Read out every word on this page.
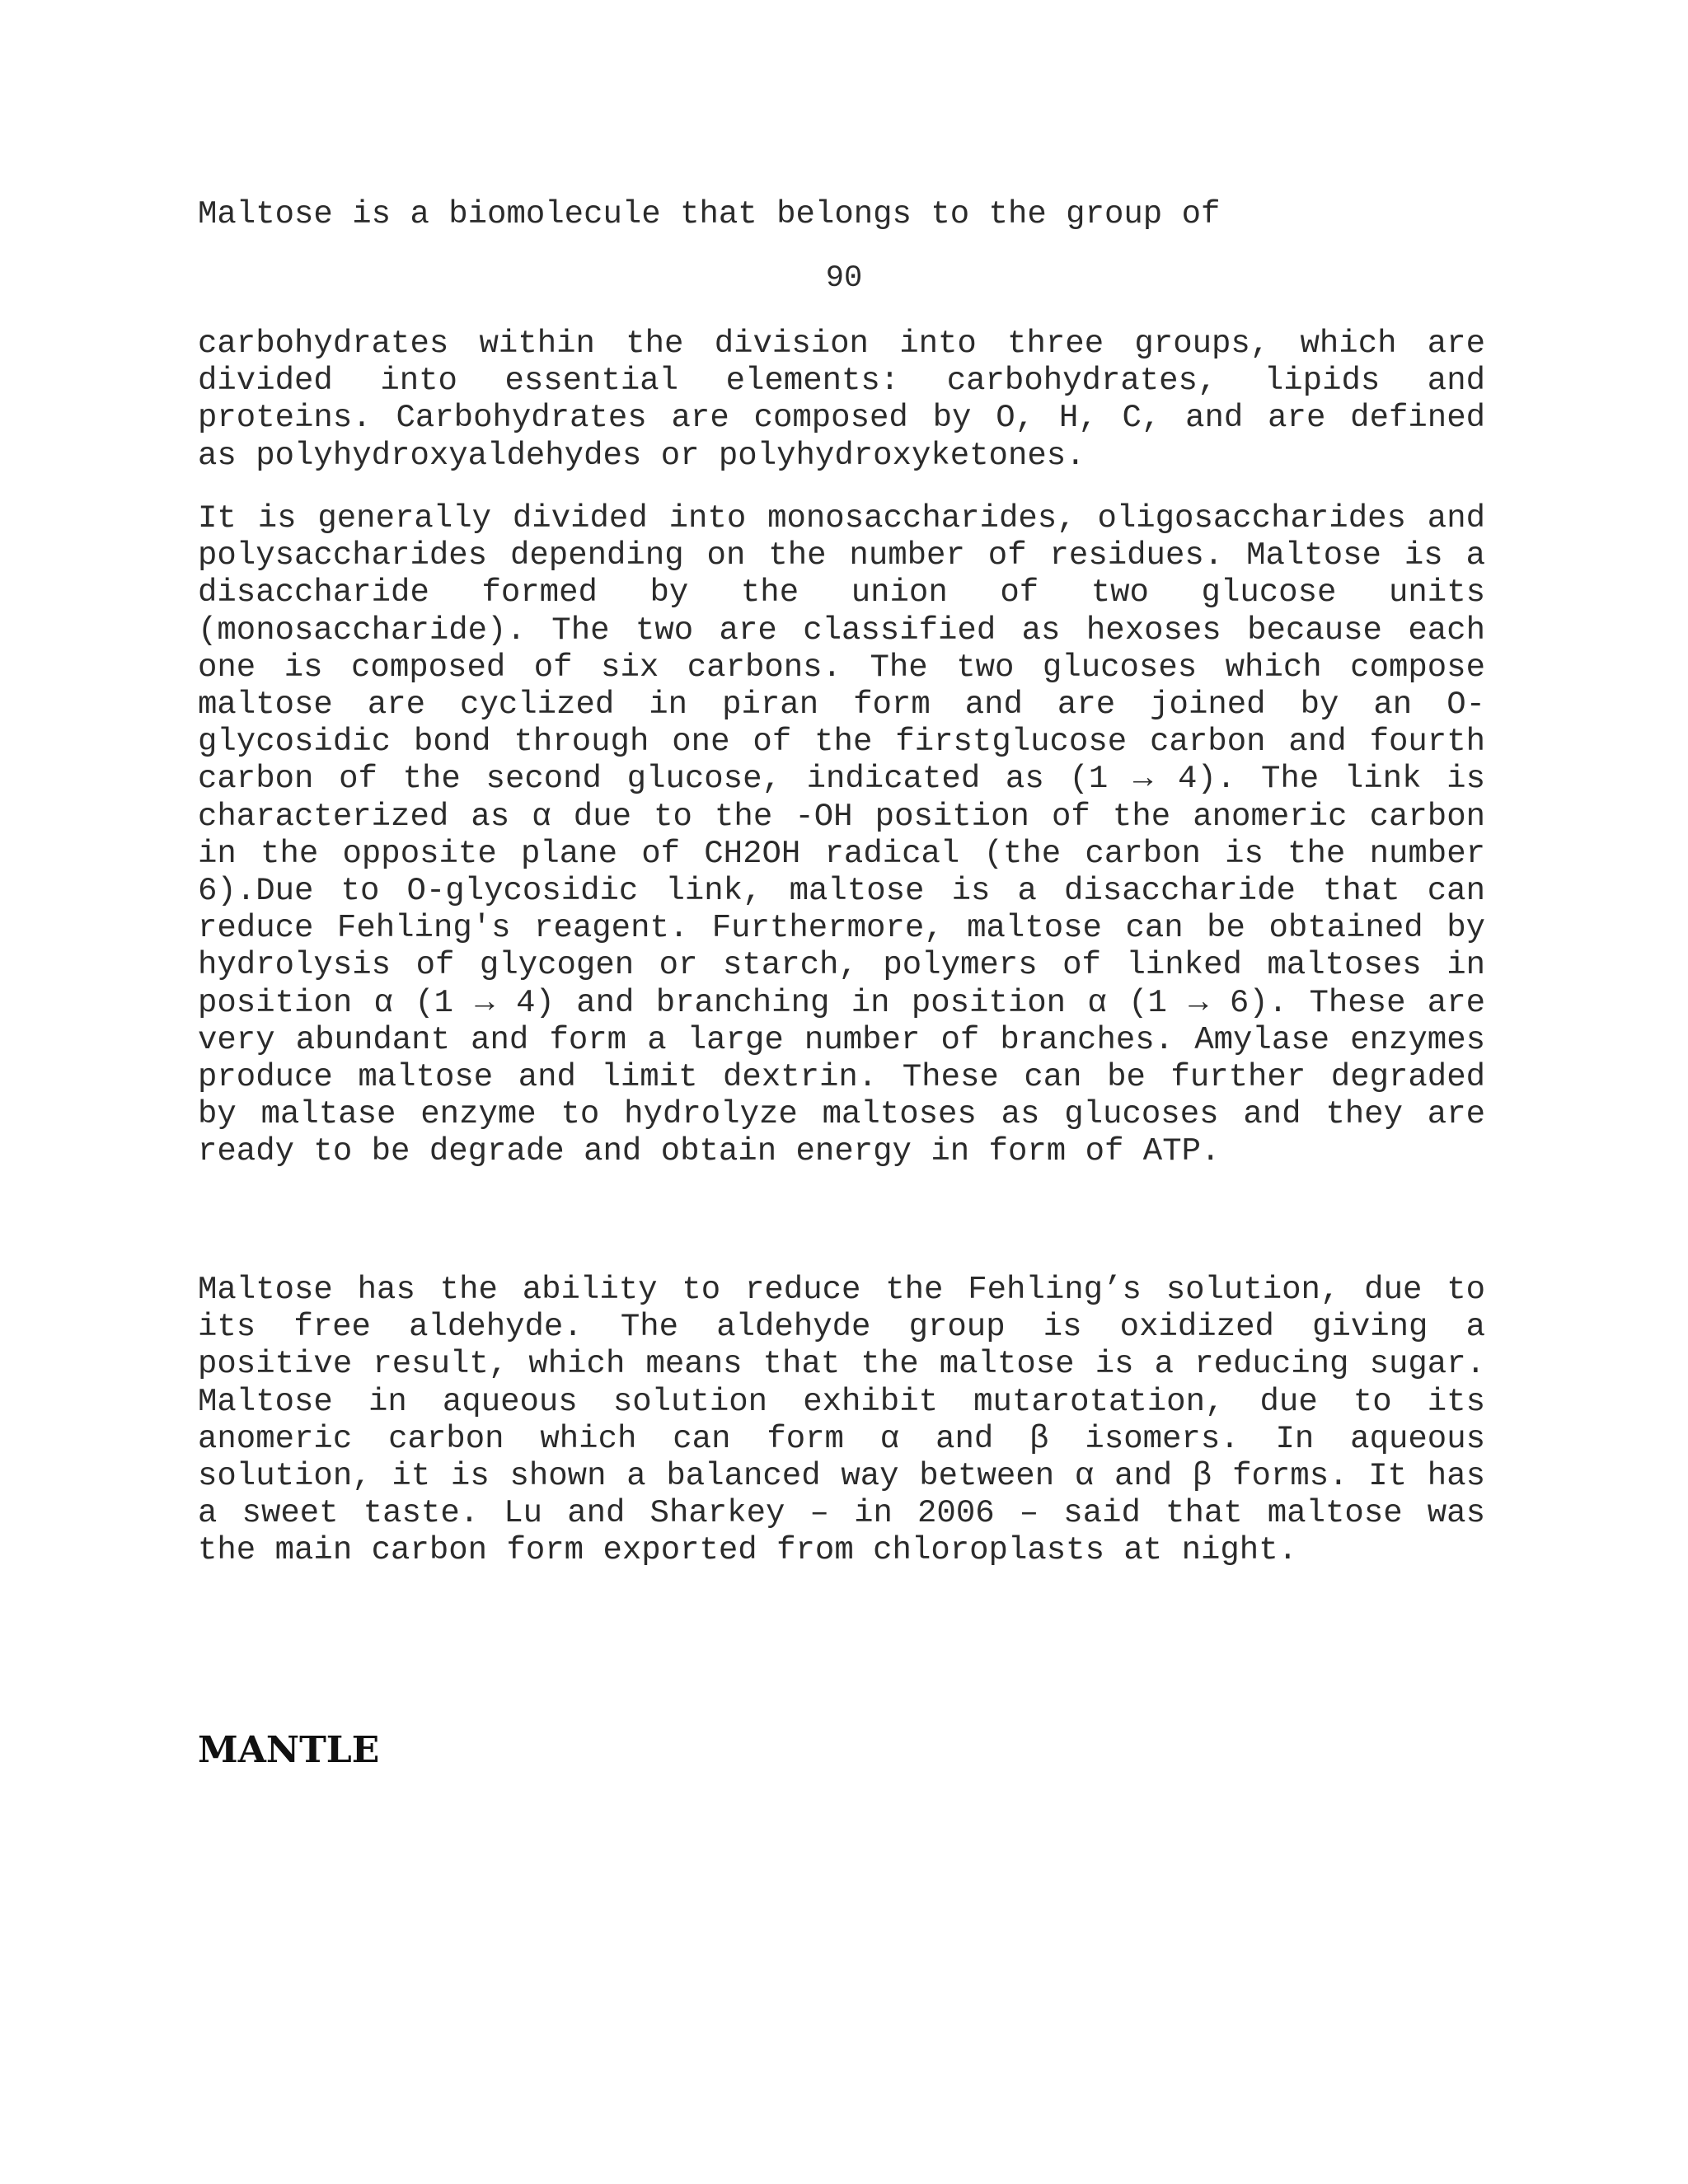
Maltose is a biomolecule that belongs to the group of

90

carbohydrates within the division into three groups, which are divided into essential elements: carbohydrates, lipids and proteins. Carbohydrates are composed by O, H, C, and are defined as polyhydroxyaldehydes or polyhydroxyketones.

It is generally divided into monosaccharides, oligosaccharides and polysaccharides depending on the number of residues. Maltose is a disaccharide formed by the union of two glucose units (monosaccharide). The two are classified as hexoses because each one is composed of six carbons. The two glucoses which compose maltose are cyclized in piran form and are joined by an O-glycosidic bond through one of the firstglucose carbon and fourth carbon of the second glucose, indicated as (1 → 4). The link is characterized as α due to the -OH position of the anomeric carbon in the opposite plane of CH2OH radical (the carbon is the number 6).Due to O-glycosidic link, maltose is a disaccharide that can reduce Fehling's reagent. Furthermore, maltose can be obtained by hydrolysis of glycogen or starch, polymers of linked maltoses in position α (1 → 4) and branching in position α (1 → 6). These are very abundant and form a large number of branches. Amylase enzymes produce maltose and limit dextrin. These can be further degraded by maltase enzyme to hydrolyze maltoses as glucoses and they are ready to be degrade and obtain energy in form of ATP.

Maltose has the ability to reduce the Fehling’s solution, due to its free aldehyde. The aldehyde group is oxidized giving a positive result, which means that the maltose is a reducing sugar. Maltose in aqueous solution exhibit mutarotation, due to its anomeric carbon which can form α and β isomers. In aqueous solution, it is shown a balanced way between α and β forms. It has a sweet taste. Lu and Sharkey – in 2006 – said that maltose was the main carbon form exported from chloroplasts at night.

MANTLE
